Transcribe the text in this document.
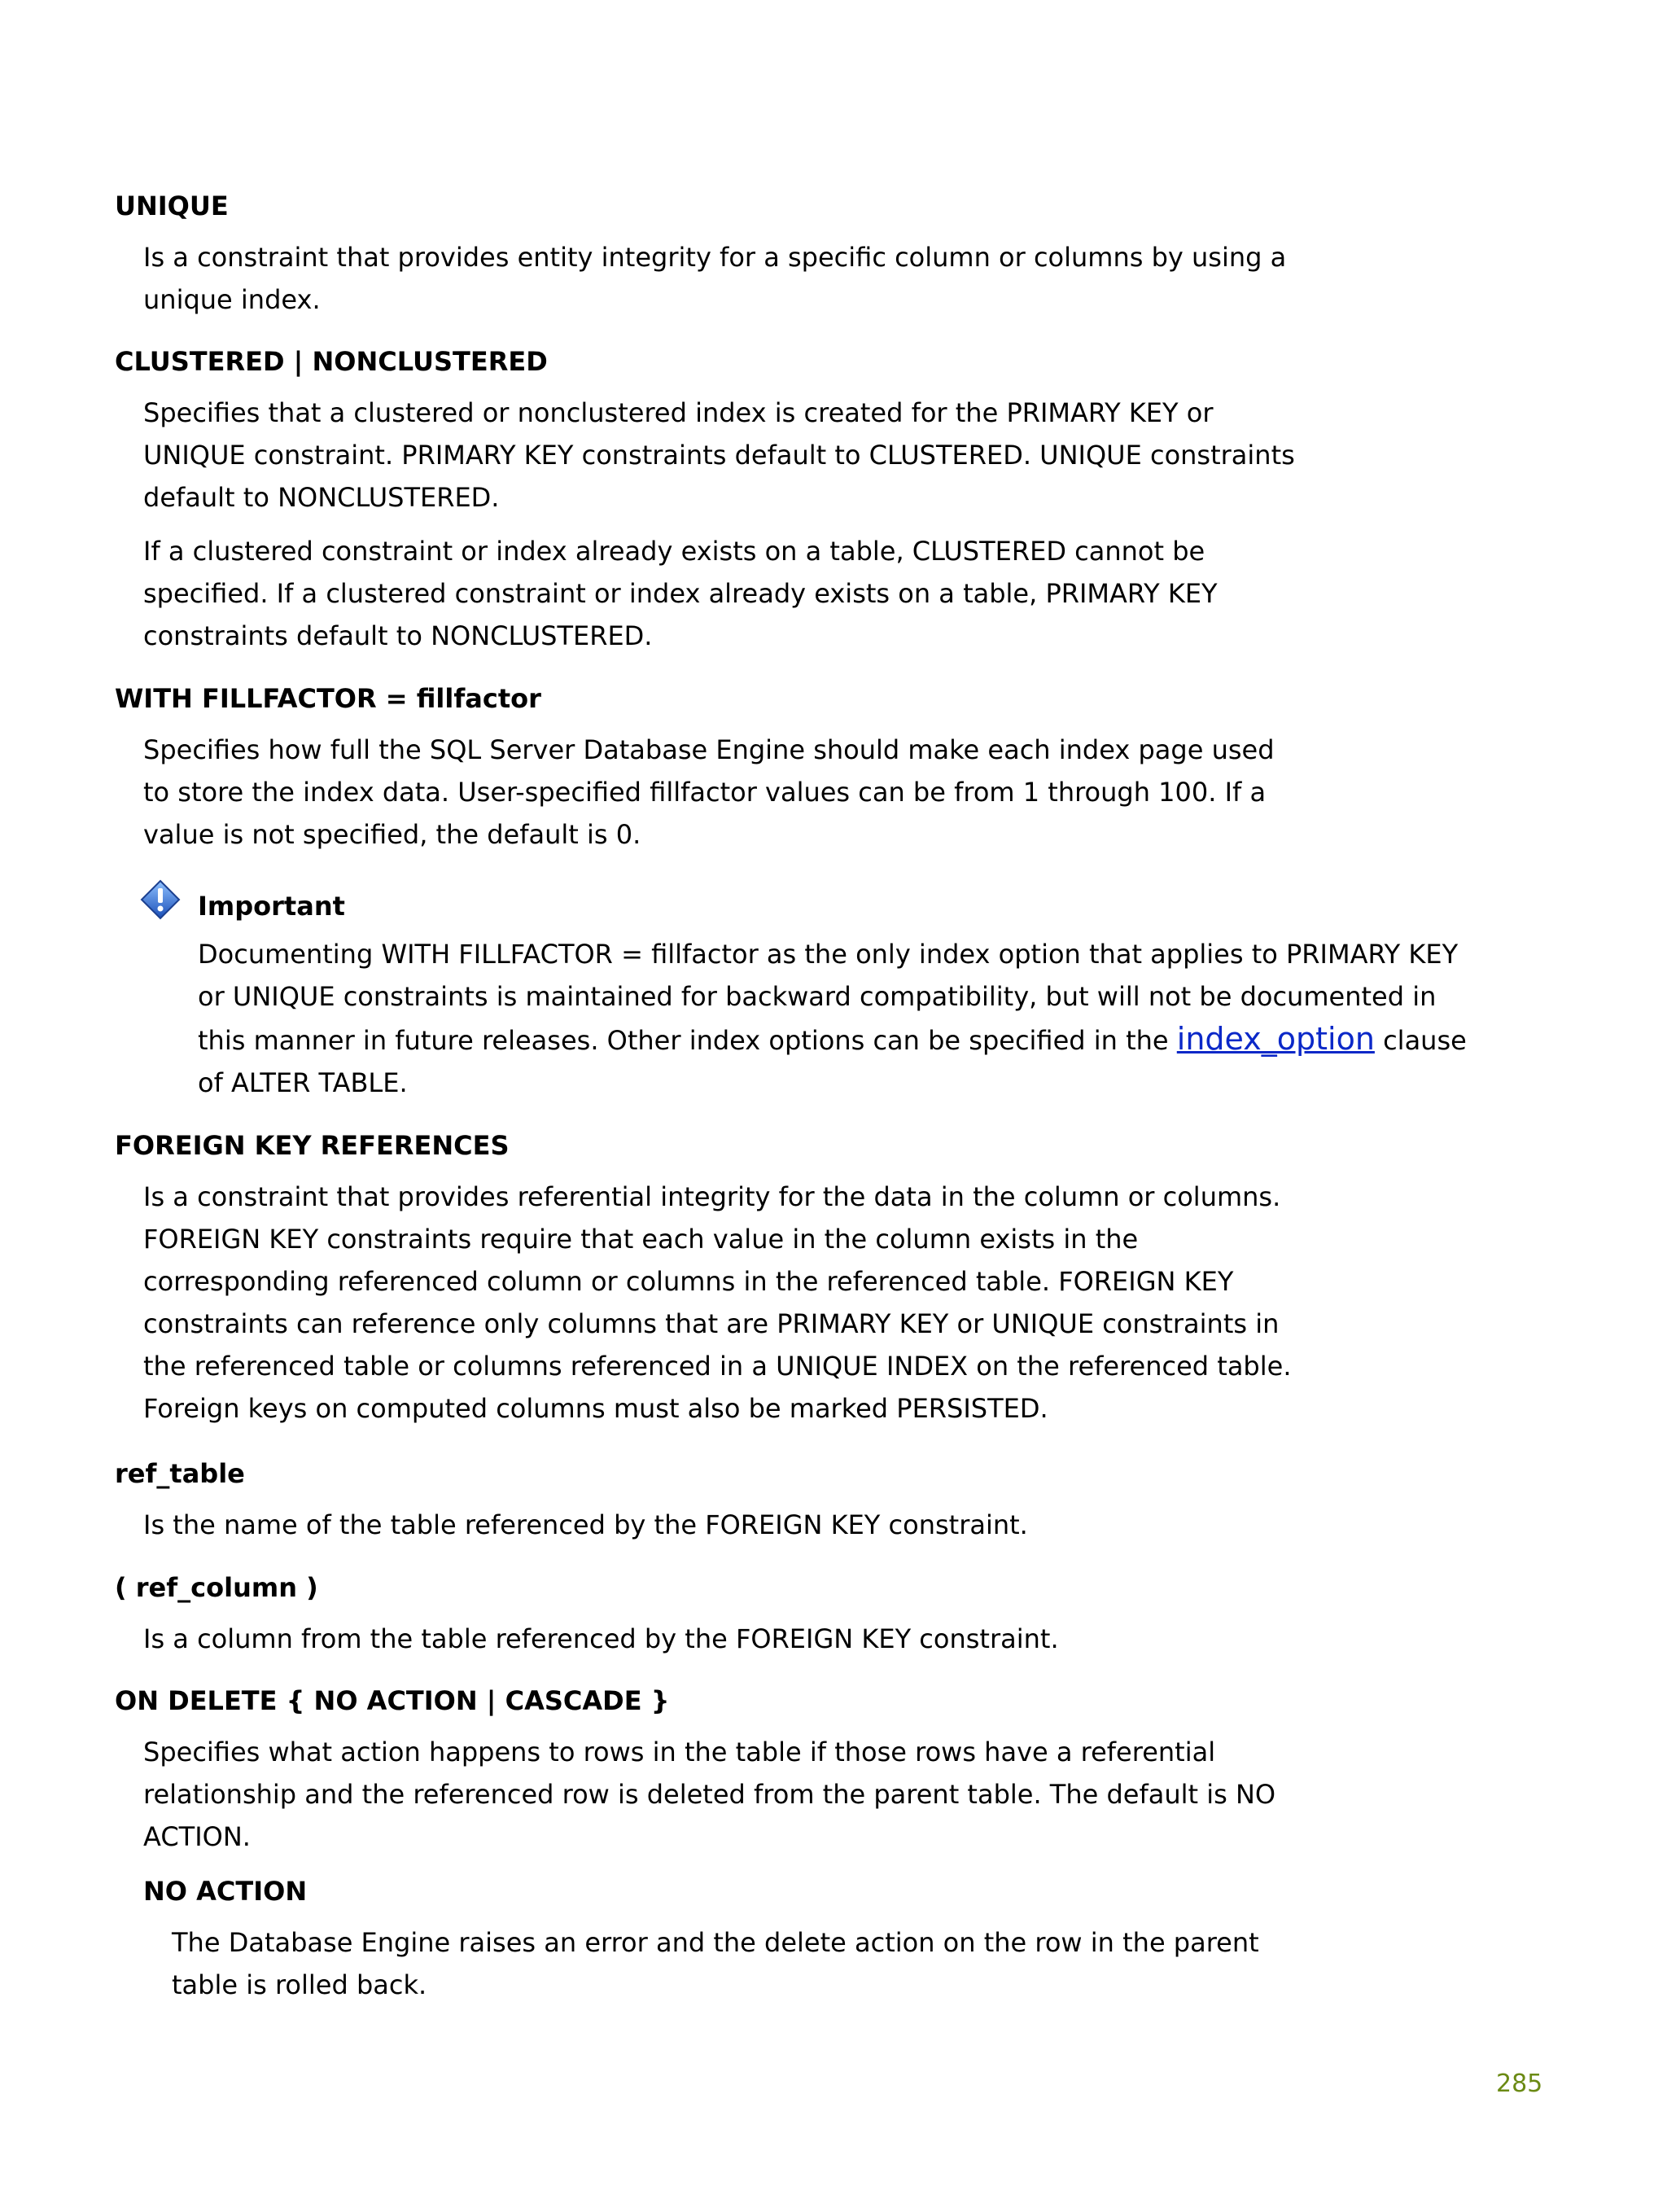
UNIQUE
Is a constraint that provides entity integrity for a specific column or columns by using a unique index.
CLUSTERED | NONCLUSTERED
Specifies that a clustered or nonclustered index is created for the PRIMARY KEY or UNIQUE constraint. PRIMARY KEY constraints default to CLUSTERED. UNIQUE constraints default to NONCLUSTERED.
If a clustered constraint or index already exists on a table, CLUSTERED cannot be specified. If a clustered constraint or index already exists on a table, PRIMARY KEY constraints default to NONCLUSTERED.
WITH FILLFACTOR = fillfactor
Specifies how full the SQL Server Database Engine should make each index page used to store the index data. User-specified fillfactor values can be from 1 through 100. If a value is not specified, the default is 0.
Important
Documenting WITH FILLFACTOR = fillfactor as the only index option that applies to PRIMARY KEY or UNIQUE constraints is maintained for backward compatibility, but will not be documented in this manner in future releases. Other index options can be specified in the index_option clause of ALTER TABLE.
FOREIGN KEY REFERENCES
Is a constraint that provides referential integrity for the data in the column or columns. FOREIGN KEY constraints require that each value in the column exists in the corresponding referenced column or columns in the referenced table. FOREIGN KEY constraints can reference only columns that are PRIMARY KEY or UNIQUE constraints in the referenced table or columns referenced in a UNIQUE INDEX on the referenced table. Foreign keys on computed columns must also be marked PERSISTED.
ref_table
Is the name of the table referenced by the FOREIGN KEY constraint.
( ref_column )
Is a column from the table referenced by the FOREIGN KEY constraint.
ON DELETE { NO ACTION | CASCADE }
Specifies what action happens to rows in the table if those rows have a referential relationship and the referenced row is deleted from the parent table. The default is NO ACTION.
NO ACTION
The Database Engine raises an error and the delete action on the row in the parent table is rolled back.
285
